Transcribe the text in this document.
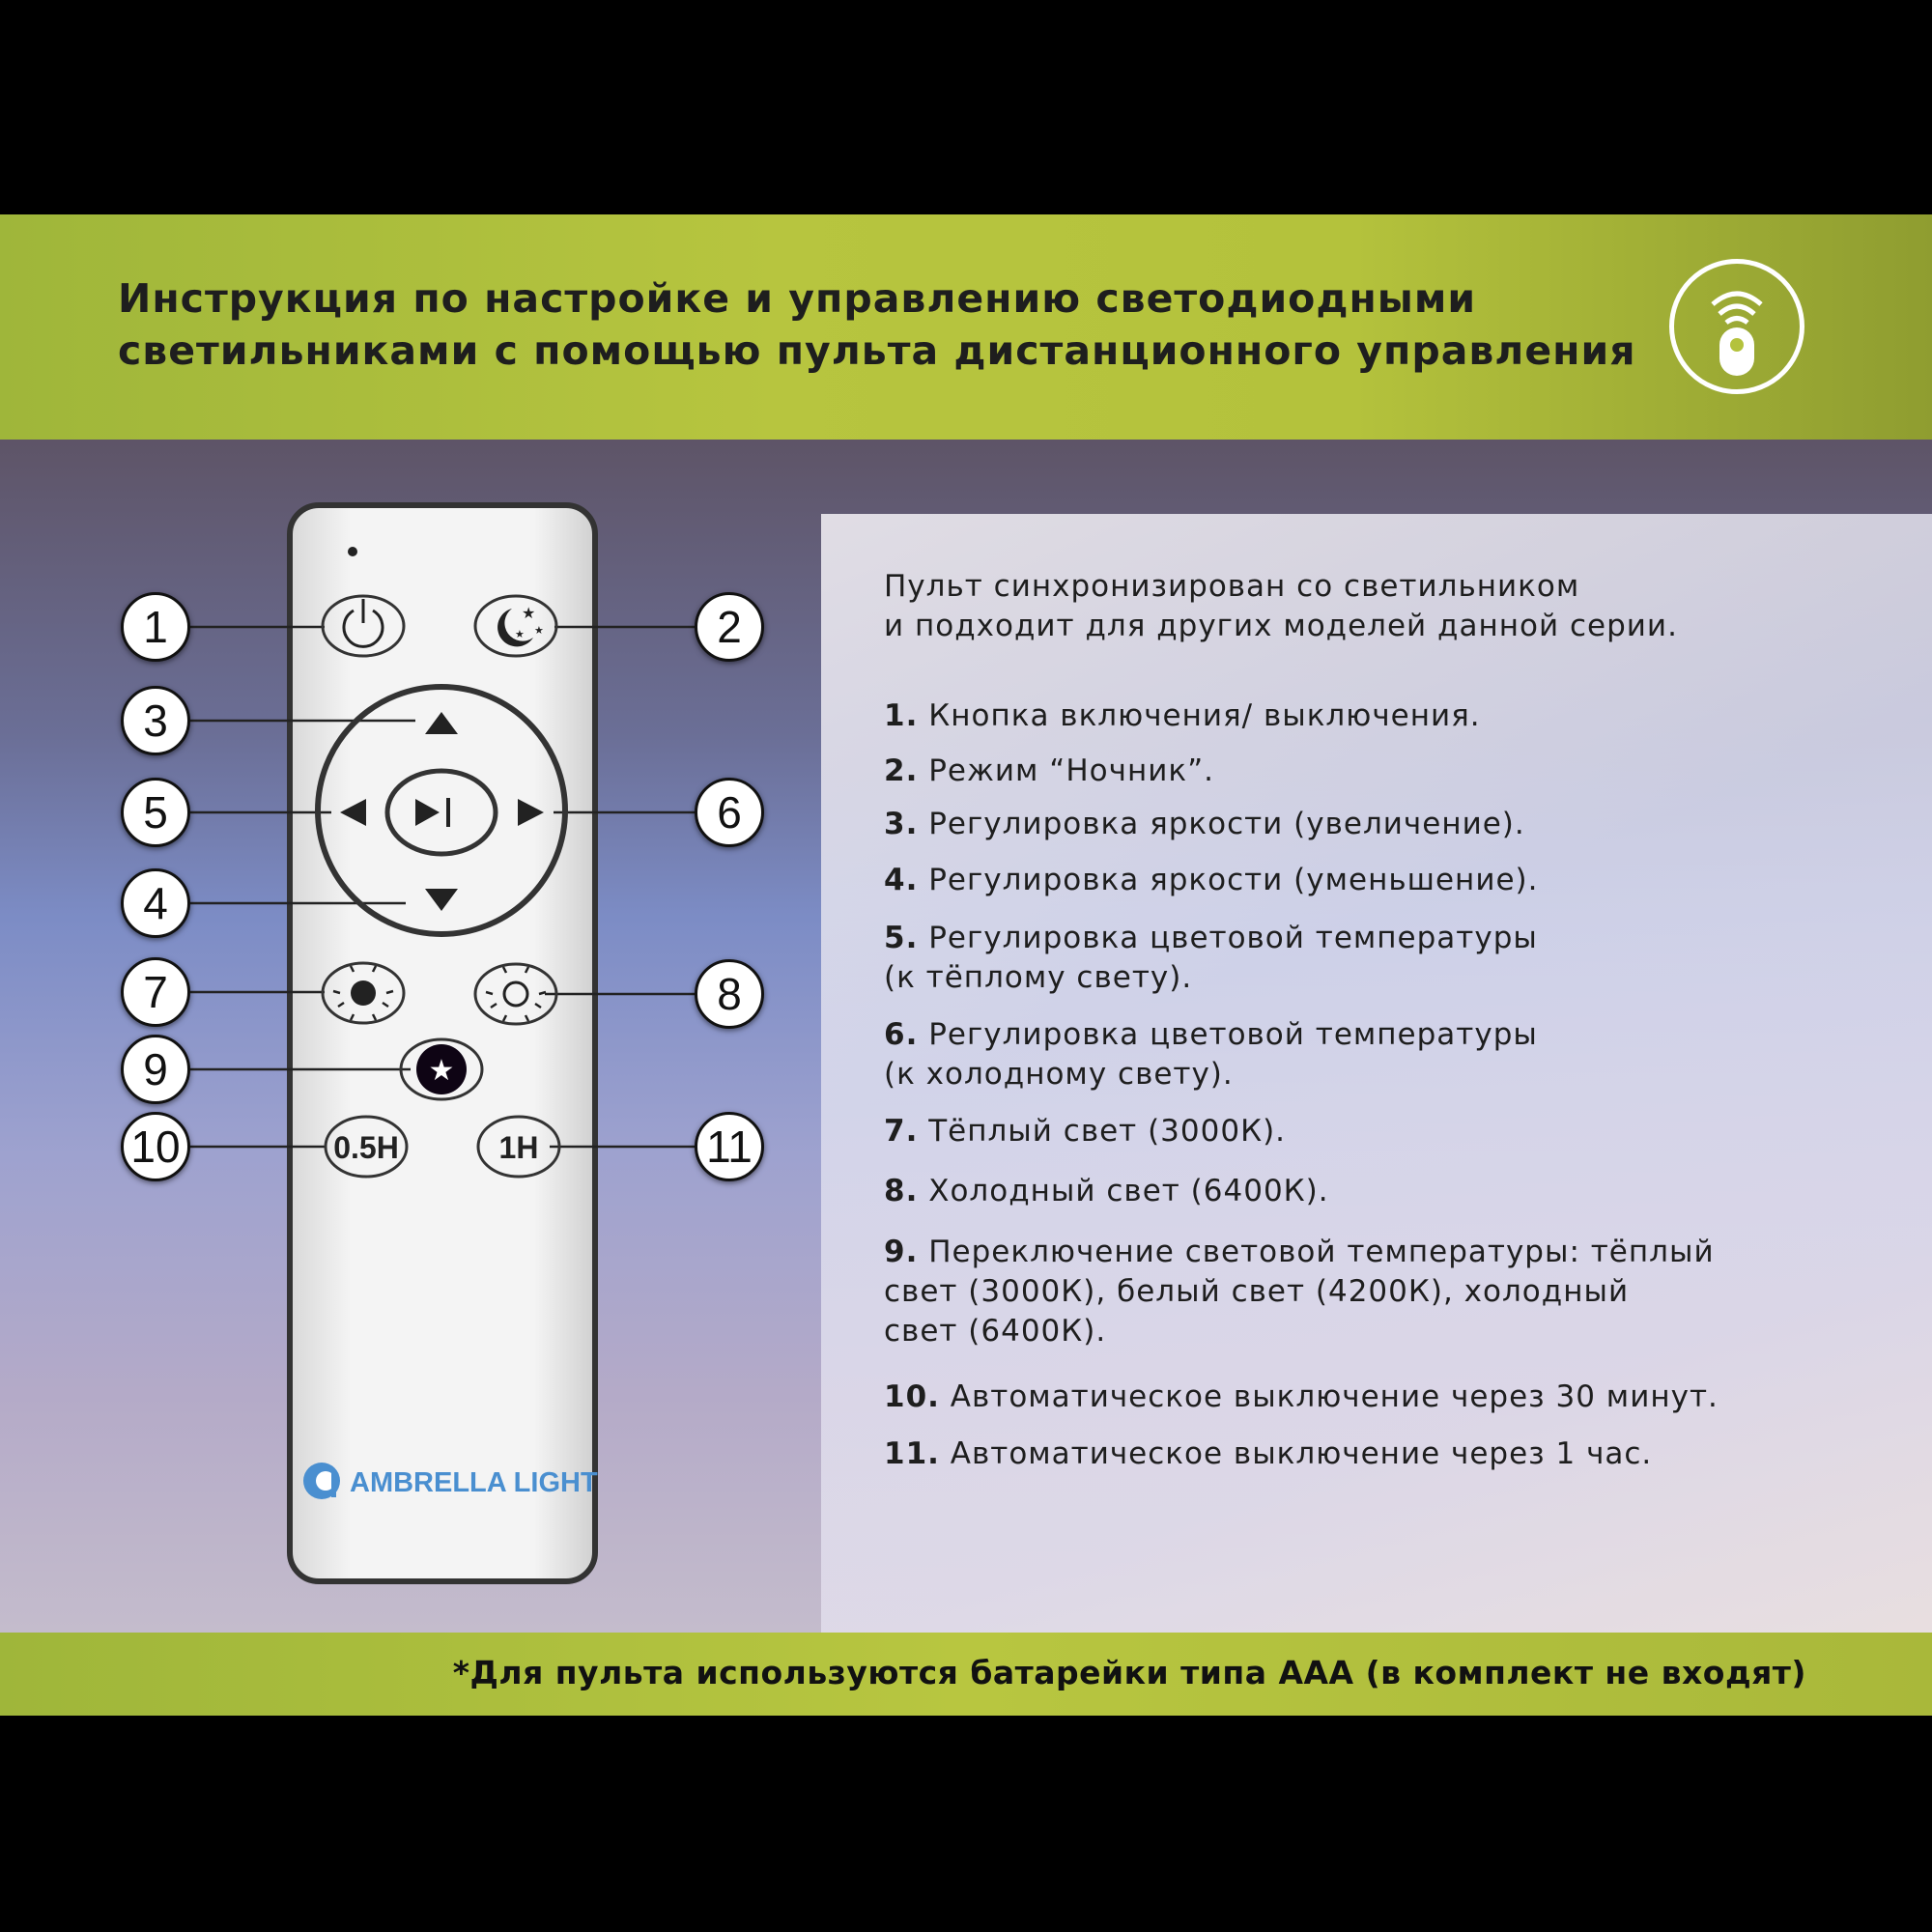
Инструкция по настройке и управлению светодиодными
светильниками с помощью пульта дистанционного управления
★
★ ★
★
0.5H	1H
AMBRELLA LIGHT
1	2
3
4
5	6
7	8
9
10	11
Пульт синхронизирован со светильником
и подходит для других моделей данной серии.
1. Кнопка включения/ выключения.
2. Режим “Ночник”.
3. Регулировка яркости (увеличение).
4. Регулировка яркости (уменьшение).
5. Регулировка цветовой температуры
(к тёплому свету).
6. Регулировка цветовой температуры
(к холодному свету).
7. Тёплый свет (3000К).
8. Холодный свет (6400К).
9. Переключение световой температуры: тёплый
свет (3000К), белый свет (4200К), холодный
свет (6400К).
10. Автоматическое выключение через 30 минут.
11. Автоматическое выключение через 1 час.
*Для пульта используются батарейки типа ААА (в комплект не входят)
